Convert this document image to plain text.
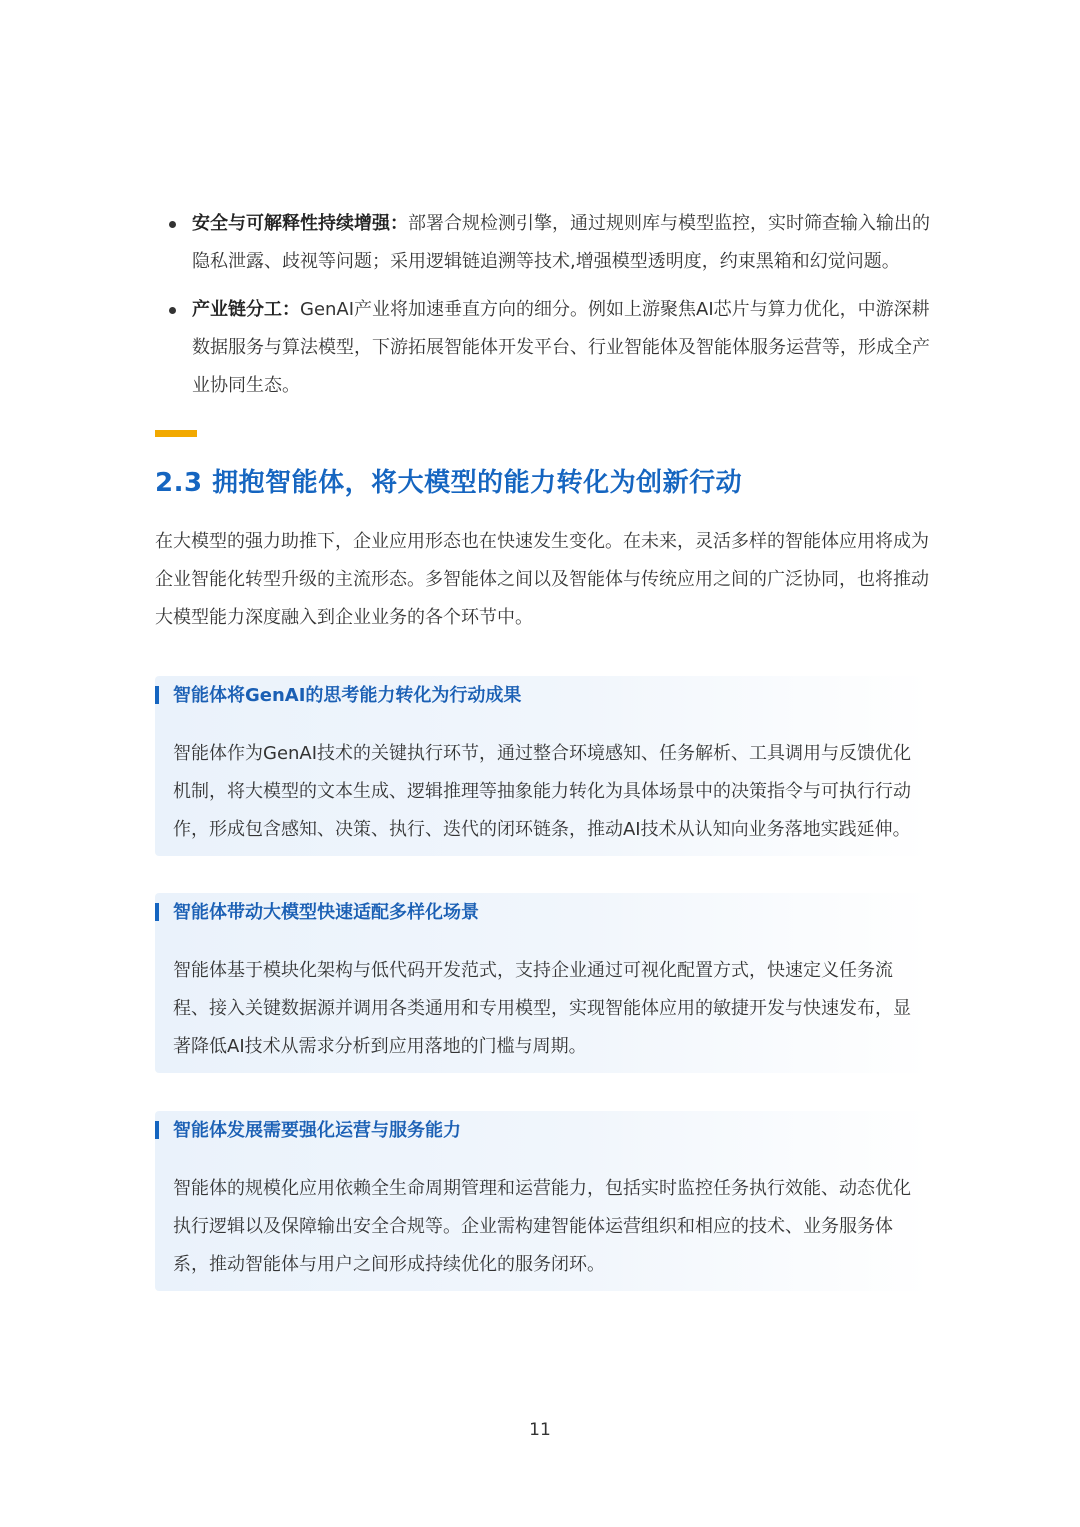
安全与可解释性持续增强：部署合规检测引擎，通过规则库与模型监控，实时筛查输入输出的隐私泄露、歧视等问题；采用逻辑链追溯等技术,增强模型透明度，约束黑箱和幻觉问题。
产业链分工：GenAI产业将加速垂直方向的细分。例如上游聚焦AI芯片与算力优化，中游深耕数据服务与算法模型，下游拓展智能体开发平台、行业智能体及智能体服务运营等，形成全产业协同生态。
2.3 拥抱智能体，将大模型的能力转化为创新行动
在大模型的强力助推下，企业应用形态也在快速发生变化。在未来，灵活多样的智能体应用将成为企业智能化转型升级的主流形态。多智能体之间以及智能体与传统应用之间的广泛协同，也将推动大模型能力深度融入到企业业务的各个环节中。
智能体将GenAI的思考能力转化为行动成果

智能体作为GenAI技术的关键执行环节，通过整合环境感知、任务解析、工具调用与反馈优化机制，将大模型的文本生成、逻辑推理等抽象能力转化为具体场景中的决策指令与可执行行动作，形成包含感知、决策、执行、迭代的闭环链条，推动AI技术从认知向业务落地实践延伸。

智能体带动大模型快速适配多样化场景

智能体基于模块化架构与低代码开发范式，支持企业通过可视化配置方式，快速定义任务流程、接入关键数据源并调用各类通用和专用模型，实现智能体应用的敏捷开发与快速发布，显著降低AI技术从需求分析到应用落地的门槛与周期。

智能体发展需要强化运营与服务能力

智能体的规模化应用依赖全生命周期管理和运营能力，包括实时监控任务执行效能、动态优化执行逻辑以及保障输出安全合规等。企业需构建智能体运营组织和相应的技术、业务服务体系，推动智能体与用户之间形成持续优化的服务闭环。

11
